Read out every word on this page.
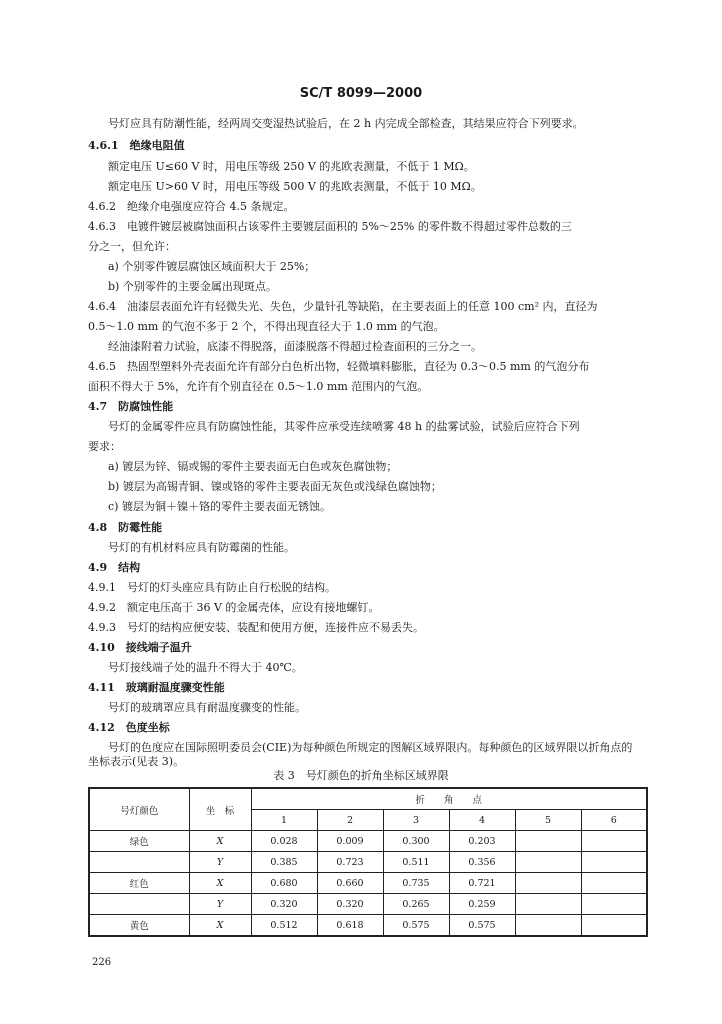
SC/T 8099—2000
号灯应具有防潮性能，经两周交变湿热试验后，在 2 h 内完成全部检查，其结果应符合下列要求。
4.6.1　绝缘电阻值
额定电压 U≤60 V 时，用电压等级 250 V 的兆欧表测量，不低于 1 MΩ。
额定电压 U>60 V 时，用电压等级 500 V 的兆欧表测量，不低于 10 MΩ。
4.6.2　绝缘介电强度应符合 4.5 条规定。
4.6.3　电镀件镀层被腐蚀面积占该零件主要镀层面积的 5%～25% 的零件数不得超过零件总数的三
分之一，但允许：
a) 个别零件镀层腐蚀区域面积大于 25%；
b) 个别零件的主要金属出现斑点。
4.6.4　油漆层表面允许有轻微失光、失色，少量针孔等缺陷，在主要表面上的任意 100 cm² 内，直径为
0.5～1.0 mm 的气泡不多于 2 个，不得出现直径大于 1.0 mm 的气泡。
经油漆附着力试验，底漆不得脱落，面漆脱落不得超过检查面积的三分之一。
4.6.5　热固型塑料外壳表面允许有部分白色析出物，轻微填料膨胀，直径为 0.3～0.5 mm 的气泡分布
面积不得大于 5%，允许有个别直径在 0.5～1.0 mm 范围内的气泡。
4.7　防腐蚀性能
号灯的金属零件应具有防腐蚀性能，其零件应承受连续喷雾 48 h 的盐雾试验，试验后应符合下列
要求：
a) 镀层为锌、镉或锡的零件主要表面无白色或灰色腐蚀物；
b) 镀层为高锡青铜、镍或铬的零件主要表面无灰色或浅绿色腐蚀物；
c) 镀层为铜＋镍＋铬的零件主要表面无锈蚀。
4.8　防霉性能
号灯的有机材料应具有防霉菌的性能。
4.9　结构
4.9.1　号灯的灯头座应具有防止自行松脱的结构。
4.9.2　额定电压高于 36 V 的金属壳体，应设有接地螺钉。
4.9.3　号灯的结构应便安装、装配和使用方便，连接件应不易丢失。
4.10　接线端子温升
号灯接线端子处的温升不得大于 40℃。
4.11　玻璃耐温度骤变性能
号灯的玻璃罩应具有耐温度骤变的性能。
4.12　色度坐标
号灯的色度应在国际照明委员会(CIE)为每种颜色所规定的图解区域界限内。每种颜色的区域界限以折角点的坐标表示(见表 3)。
表 3　号灯颜色的折角坐标区域界限
号灯颜色	坐　标	折　　角　　点					
		1	2	3	4	5	6
绿色	X	0.028	0.009	0.300	0.203		
	Y	0.385	0.723	0.511	0.356		
红色	X	0.680	0.660	0.735	0.721		
	Y	0.320	0.320	0.265	0.259		
黄色	X	0.512	0.618	0.575	0.575		
226
